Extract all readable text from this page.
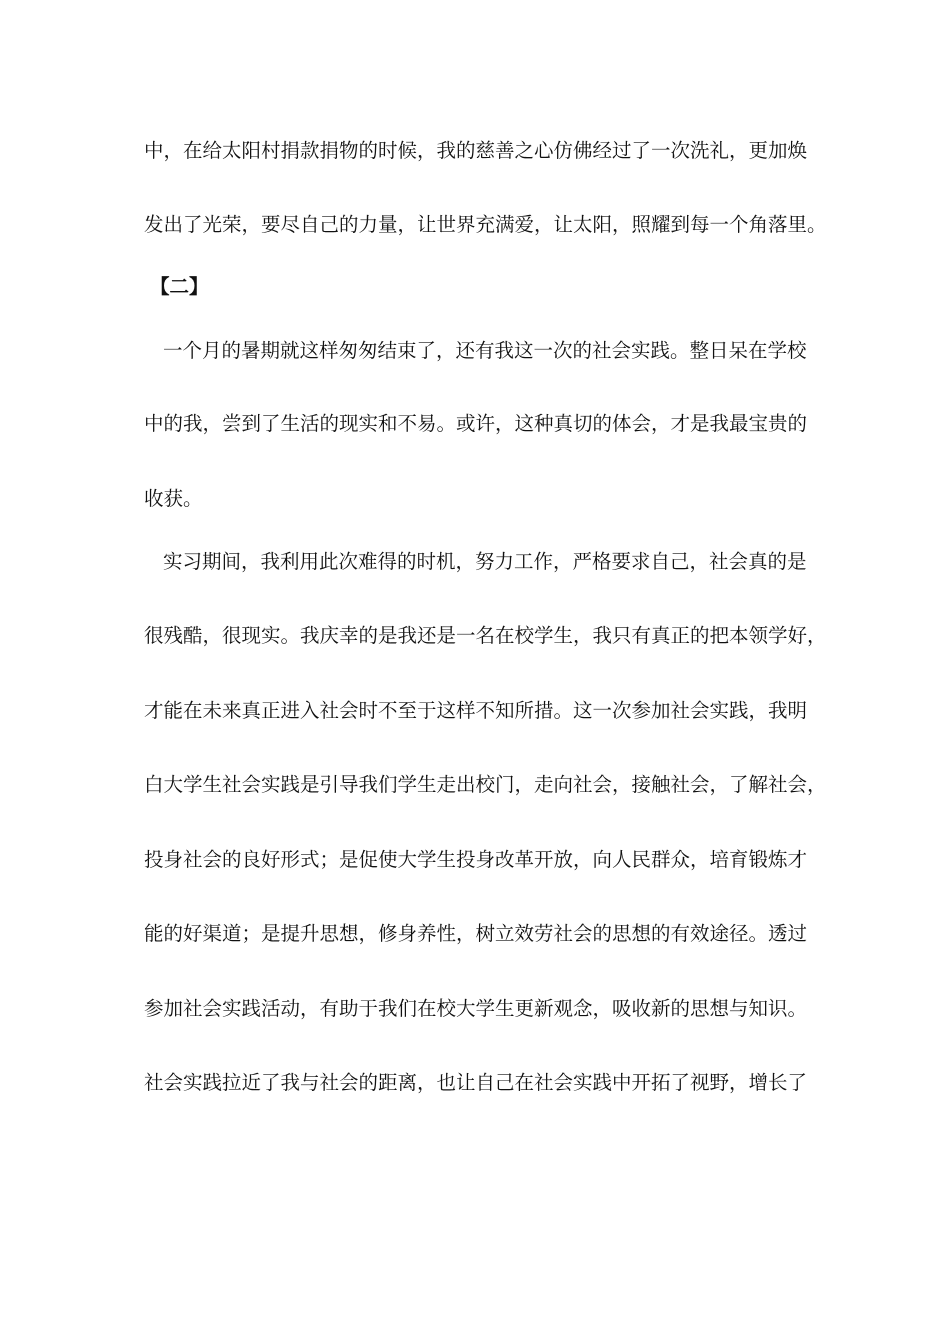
中，在给太阳村捐款捐物的时候，我的慈善之心仿佛经过了一次洗礼，更加焕
发出了光荣，要尽自己的力量，让世界充满爱，让太阳，照耀到每一个角落里。
【二】
一个月的暑期就这样匆匆结束了，还有我这一次的社会实践。整日呆在学校
中的我，尝到了生活的现实和不易。或许，这种真切的体会，才是我最宝贵的
收获。
实习期间，我利用此次难得的时机，努力工作，严格要求自己，社会真的是
很残酷，很现实。我庆幸的是我还是一名在校学生，我只有真正的把本领学好，
才能在未来真正进入社会时不至于这样不知所措。这一次参加社会实践，我明
白大学生社会实践是引导我们学生走出校门，走向社会，接触社会，了解社会，
投身社会的良好形式；是促使大学生投身改革开放，向人民群众，培育锻炼才
能的好渠道；是提升思想，修身养性，树立效劳社会的思想的有效途径。透过
参加社会实践活动，有助于我们在校大学生更新观念，吸收新的思想与知识。
社会实践拉近了我与社会的距离，也让自己在社会实践中开拓了视野，增长了
